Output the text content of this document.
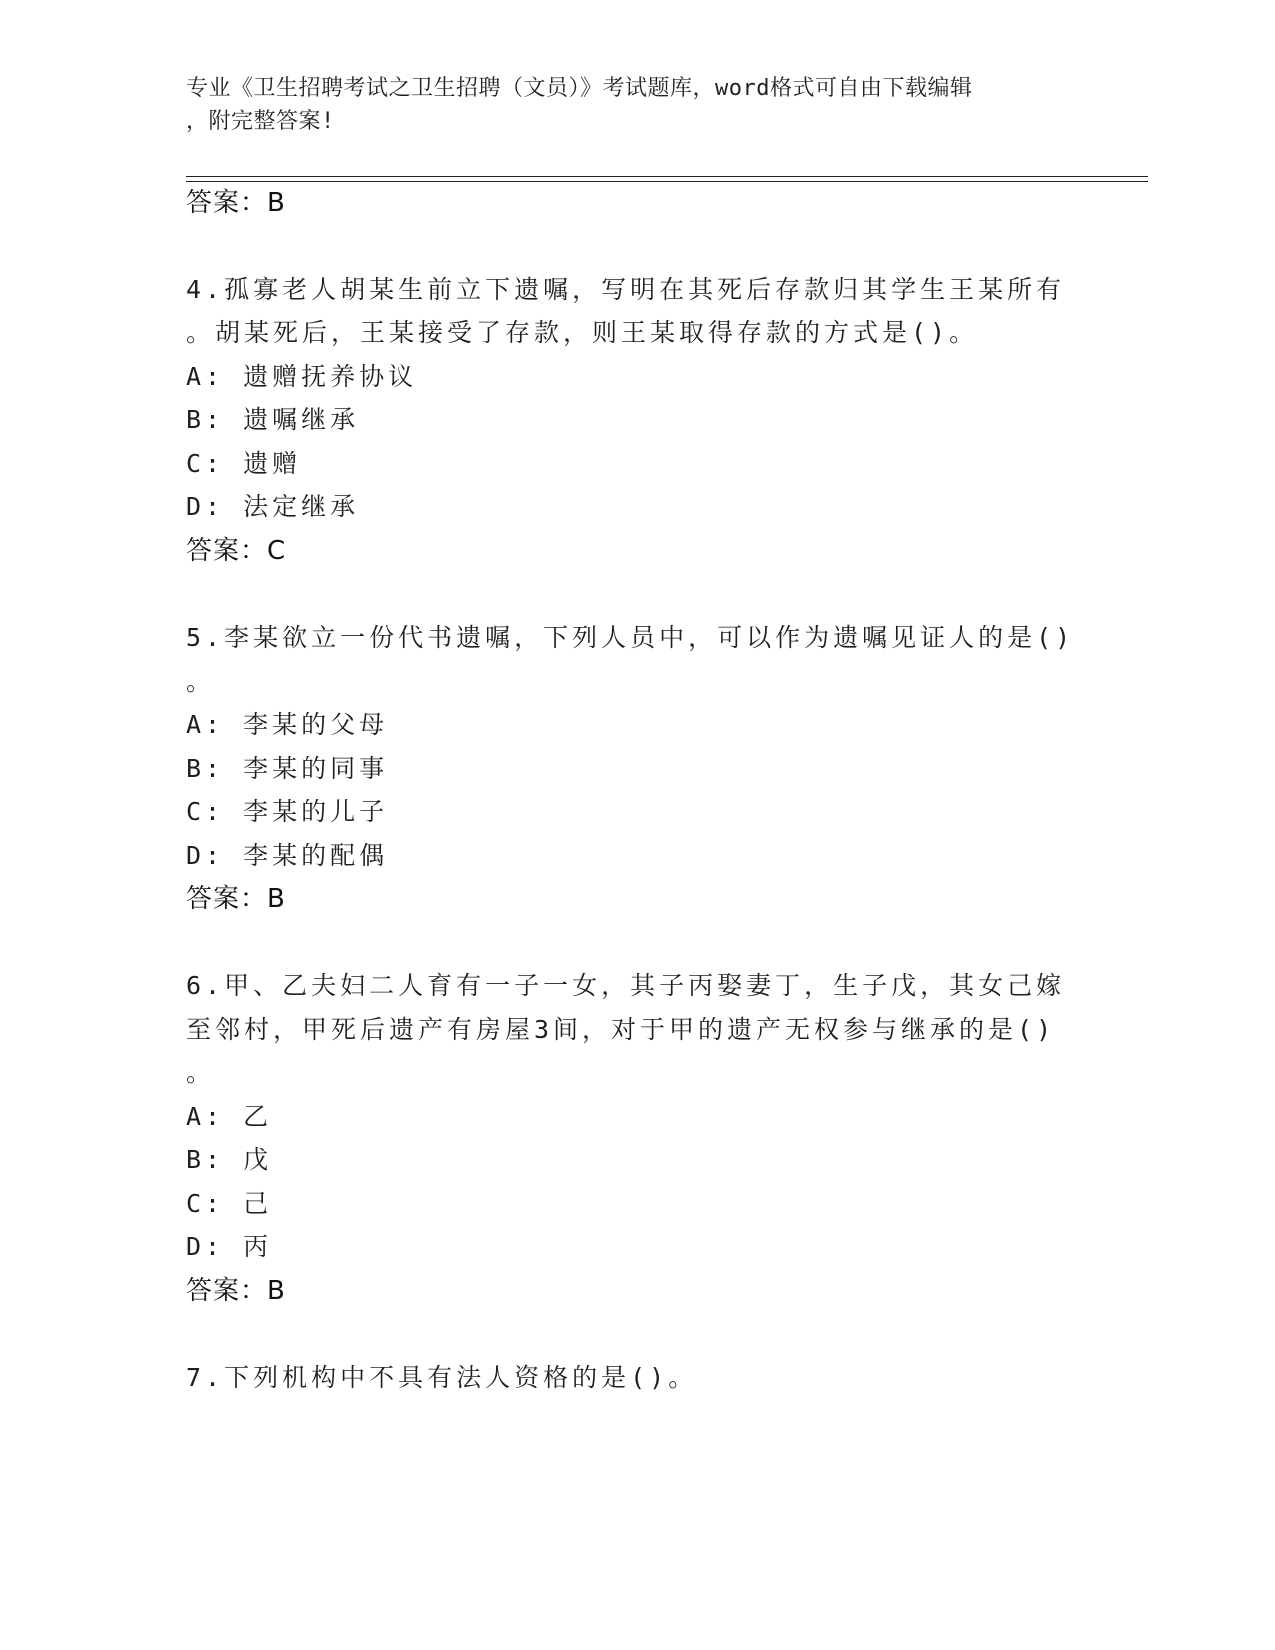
专业《卫生招聘考试之卫生招聘（文员）》考试题库，word格式可自由下载编辑
，附完整答案!

答案：B

4.孤寡老人胡某生前立下遗嘱，写明在其死后存款归其学生王某所有

。胡某死后，王某接受了存款，则王某取得存款的方式是()。

A: 遗赠抚养协议

B: 遗嘱继承

C: 遗赠

D: 法定继承

答案：C

5.李某欲立一份代书遗嘱，下列人员中，可以作为遗嘱见证人的是()

。

A: 李某的父母

B: 李某的同事

C: 李某的儿子

D: 李某的配偶

答案：B

6.甲、乙夫妇二人育有一子一女，其子丙娶妻丁，生子戊，其女己嫁

至邻村，甲死后遗产有房屋3间，对于甲的遗产无权参与继承的是()

。

A: 乙

B: 戊

C: 己

D: 丙

答案：B

7.下列机构中不具有法人资格的是()。
